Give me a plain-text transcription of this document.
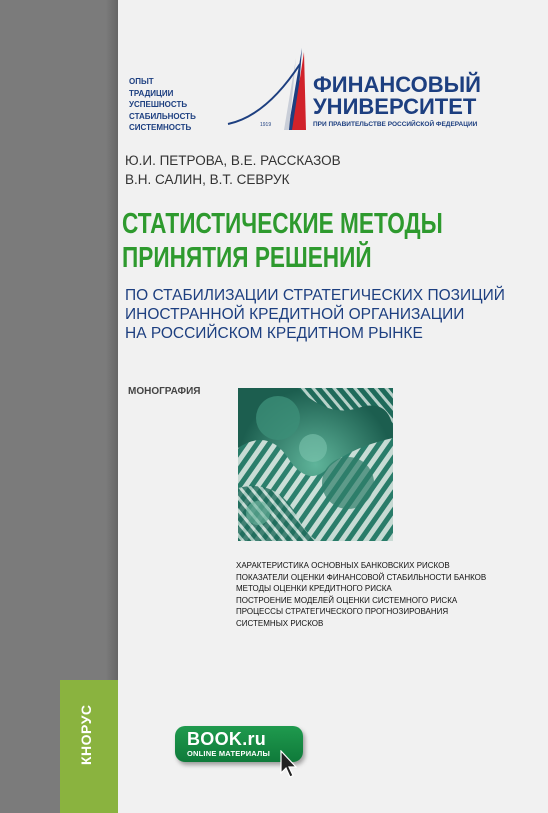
КНОРУС
ОПЫТ
ТРАДИЦИИ
УСПЕШНОСТЬ
СТАБИЛЬНОСТЬ
СИСТЕМНОСТЬ	1919
ФИНАНСОВЫЙ
УНИВЕРСИТЕТ
ПРИ ПРАВИТЕЛЬСТВЕ РОССИЙСКОЙ ФЕДЕРАЦИИ
Ю.И. ПЕТРОВА, В.Е. РАССКАЗОВ
В.Н. САЛИН, В.Т. СЕВРУК
СТАТИСТИЧЕСКИЕ МЕТОДЫ
ПРИНЯТИЯ РЕШЕНИЙ
ПО СТАБИЛИЗАЦИИ СТРАТЕГИЧЕСКИХ ПОЗИЦИЙ
ИНОСТРАННОЙ КРЕДИТНОЙ ОРГАНИЗАЦИИ
НА РОССИЙСКОМ КРЕДИТНОМ РЫНКЕ
МОНОГРАФИЯ
ХАРАКТЕРИСТИКА ОСНОВНЫХ БАНКОВСКИХ РИСКОВ
ПОКАЗАТЕЛИ ОЦЕНКИ ФИНАНСОВОЙ СТАБИЛЬНОСТИ БАНКОВ
МЕТОДЫ ОЦЕНКИ КРЕДИТНОГО РИСКА
ПОСТРОЕНИЕ МОДЕЛЕЙ ОЦЕНКИ СИСТЕМНОГО РИСКА
ПРОЦЕССЫ СТРАТЕГИЧЕСКОГО ПРОГНОЗИРОВАНИЯ
СИСТЕМНЫХ РИСКОВ
BOOK.ru
ONLINE МАТЕРИАЛЫ
